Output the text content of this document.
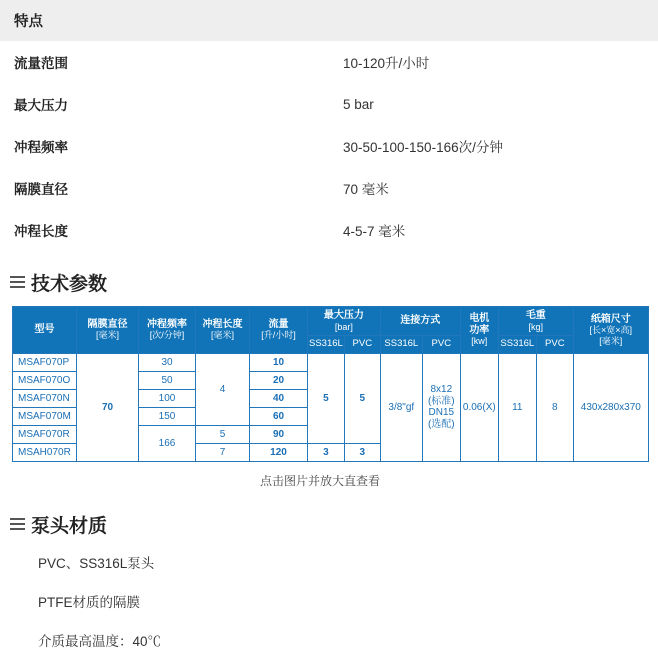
特点	
流量范围	10-120升/小时
最大压力	5 bar
冲程频率	30-50-100-150-166次/分钟
隔膜直径	70 毫米
冲程长度	4-5-7 毫米
技术参数
型号	隔膜直径
[毫米]	冲程频率
[次/分钟]	冲程长度
[毫米]	流量
[升/小时]	最大压力
[bar]		连接方式		电机
功率
[kw]	毛重
[kg]		纸箱尺寸
[长×宽×高]
[毫米]

					SS316L	PVC	SS316L	PVC		SS316L	PVC	
MSAF070P	70	30	4	10	5	5	3/8"gf	8x12
(标准)
DN15
(选配)	0.06(X)	11	8	430x280x370
MSAF070O		50		20								
MSAF070N		100		40								
MSAF070M		150		60								
MSAF070R		166	5	90								
MSAH070R			7	120	3	3						
点击图片并放大直查看
泵头材质
PVC、SS316L泵头
PTFE材质的隔膜
介质最高温度：40℃
